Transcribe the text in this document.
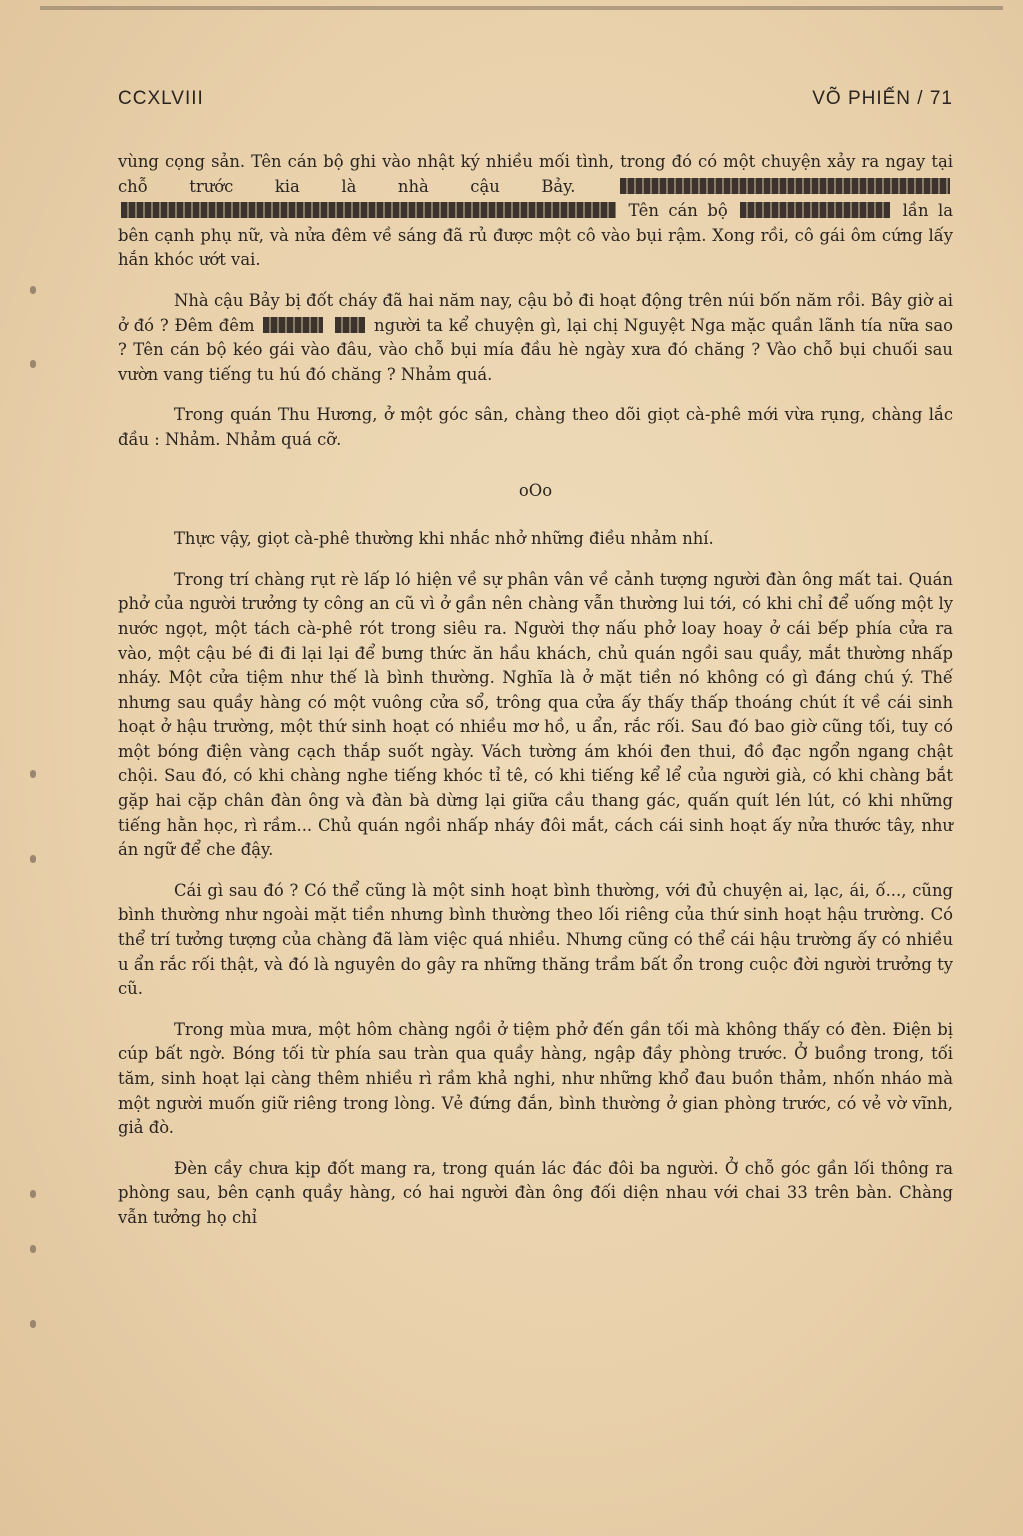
CCXLVIII	VÕ PHIẾN / 71

vùng cọng sản. Tên cán bộ ghi vào nhật ký nhiều mối tình, trong đó có một chuyện xảy ra ngay tại chỗ trước kia là nhà cậu Bảy.   Tên cán bộ	lần la bên cạnh phụ nữ, và nửa đêm về sáng đã rủ được một cô vào bụi rậm. Xong rồi, cô gái ôm cứng lấy hắn khóc ướt vai.

Nhà cậu Bảy bị đốt cháy đã hai năm nay, cậu bỏ đi hoạt động trên núi bốn năm rồi. Bây giờ ai ở đó ? Đêm đêm	người ta kể chuyện gì, lại chị Nguyệt Nga mặc quần lãnh tía nữa sao ? Tên cán bộ kéo gái vào đâu, vào chỗ bụi mía đầu hè ngày xưa đó chăng ? Vào chỗ bụi chuối sau vườn vang tiếng tu hú đó chăng ? Nhảm quá.

Trong quán Thu Hương, ở một góc sân, chàng theo dõi giọt cà-phê mới vừa rụng, chàng lắc đầu : Nhảm. Nhảm quá cỡ.

oOo

Thực vậy, giọt cà-phê thường khi nhắc nhở những điều nhảm nhí.

Trong trí chàng rụt rè lấp ló hiện về sự phân vân về cảnh tượng người đàn ông mất tai. Quán phở của người trưởng ty công an cũ vì ở gần nên chàng vẫn thường lui tới, có khi chỉ để uống một ly nước ngọt, một tách cà-phê rót trong siêu ra. Người thợ nấu phở loay hoay ở cái bếp phía cửa ra vào, một cậu bé đi đi lại lại để bưng thức ăn hầu khách, chủ quán ngồi sau quầy, mắt thường nhấp nháy. Một cửa tiệm như thế là bình thường. Nghĩa là ở mặt tiền nó không có gì đáng chú ý. Thế nhưng sau quầy hàng có một vuông cửa sổ, trông qua cửa ấy thấy thấp thoáng chút ít về cái sinh hoạt ở hậu trường, một thứ sinh hoạt có nhiều mơ hồ, u ẩn, rắc rối. Sau đó bao giờ cũng tối, tuy có một bóng điện vàng cạch thắp suốt ngày. Vách tường ám khói đen thui, đồ đạc ngổn ngang chật chội. Sau đó, có khi chàng nghe tiếng khóc tỉ tê, có khi tiếng kể lể của người già, có khi chàng bắt gặp hai cặp chân đàn ông và đàn bà dừng lại giữa cầu thang gác, quấn quít lén lút, có khi những tiếng hằn học, rì rầm... Chủ quán ngồi nhấp nháy đôi mắt, cách cái sinh hoạt ấy nửa thước tây, như án ngữ để che đậy.

Cái gì sau đó ? Có thể cũng là một sinh hoạt bình thường, với đủ chuyện ai, lạc, ái, ố..., cũng bình thường như ngoài mặt tiền nhưng bình thường theo lối riêng của thứ sinh hoạt hậu trường. Có thể trí tưởng tượng của chàng đã làm việc quá nhiều. Nhưng cũng có thể cái hậu trường ấy có nhiều u ẩn rắc rối thật, và đó là nguyên do gây ra những thăng trầm bất ổn trong cuộc đời người trưởng ty cũ.

Trong mùa mưa, một hôm chàng ngồi ở tiệm phở đến gần tối mà không thấy có đèn. Điện bị cúp bất ngờ. Bóng tối từ phía sau tràn qua quầy hàng, ngập đầy phòng trước. Ở buồng trong, tối tăm, sinh hoạt lại càng thêm nhiều rì rầm khả nghi, như những khổ đau buồn thảm, nhốn nháo mà một người muốn giữ riêng trong lòng. Vẻ đứng đắn, bình thường ở gian phòng trước, có vẻ vờ vĩnh, giả đò.

Đèn cầy chưa kịp đốt mang ra, trong quán lác đác đôi ba người. Ở chỗ góc gần lối thông ra phòng sau, bên cạnh quầy hàng, có hai người đàn ông đối diện nhau với chai 33 trên bàn. Chàng vẫn tưởng họ chỉ
